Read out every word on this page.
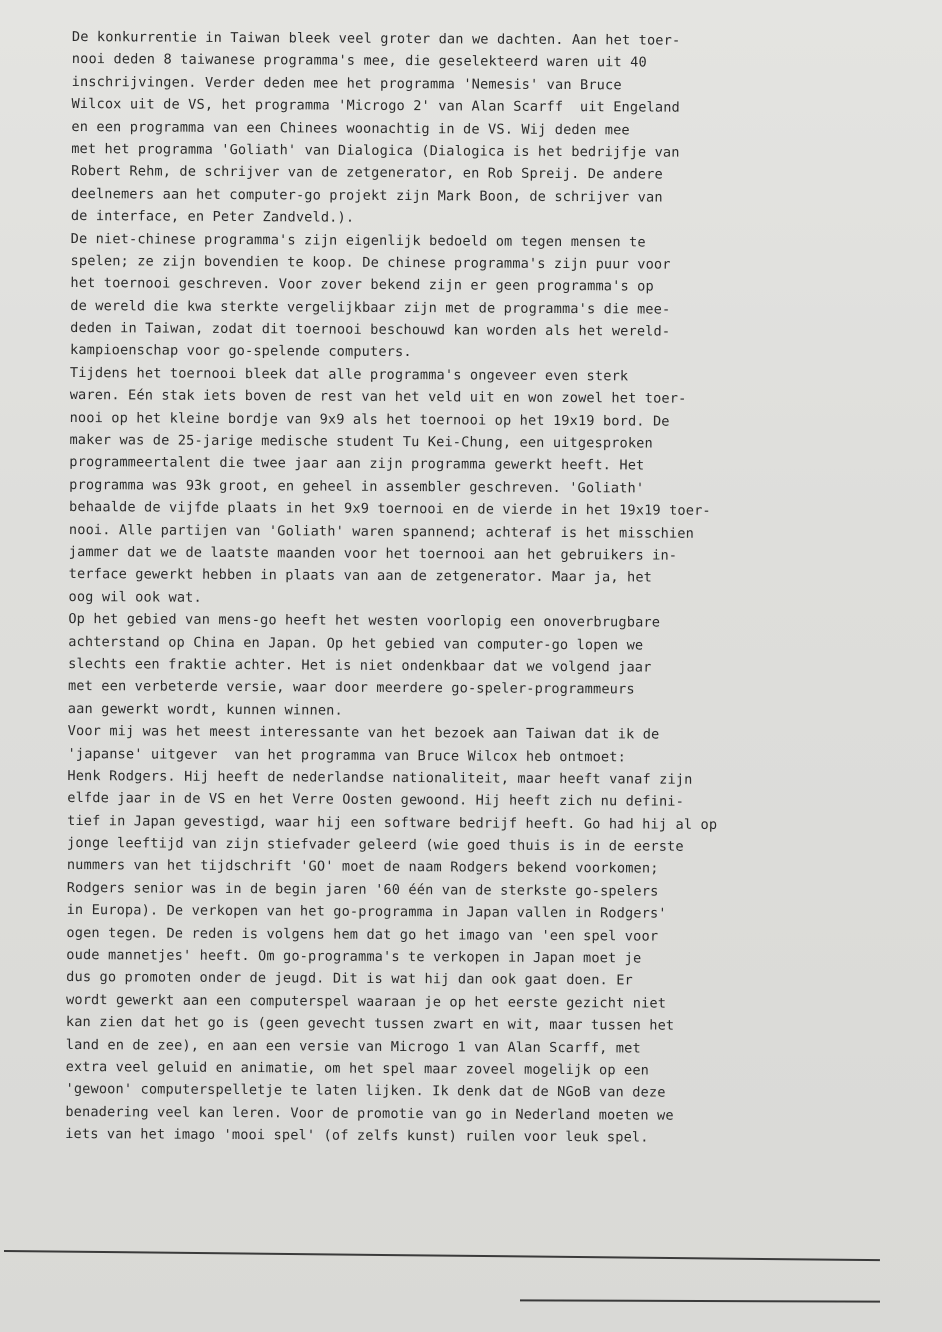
De konkurrentie in Taiwan bleek veel groter dan we dachten. Aan het toer-
nooi deden 8 taiwanese programma's mee, die geselekteerd waren uit 40
inschrijvingen. Verder deden mee het programma 'Nemesis' van Bruce
Wilcox uit de VS, het programma 'Microgo 2' van Alan Scarff  uit Engeland
en een programma van een Chinees woonachtig in de VS. Wij deden mee
met het programma 'Goliath' van Dialogica (Dialogica is het bedrijfje van
Robert Rehm, de schrijver van de zetgenerator, en Rob Spreij. De andere
deelnemers aan het computer-go projekt zijn Mark Boon, de schrijver van
de interface, en Peter Zandveld.).
De niet-chinese programma's zijn eigenlijk bedoeld om tegen mensen te
spelen; ze zijn bovendien te koop. De chinese programma's zijn puur voor
het toernooi geschreven. Voor zover bekend zijn er geen programma's op
de wereld die kwa sterkte vergelijkbaar zijn met de programma's die mee-
deden in Taiwan, zodat dit toernooi beschouwd kan worden als het wereld-
kampioenschap voor go-spelende computers.
Tijdens het toernooi bleek dat alle programma's ongeveer even sterk
waren. Eén stak iets boven de rest van het veld uit en won zowel het toer-
nooi op het kleine bordje van 9x9 als het toernooi op het 19x19 bord. De
maker was de 25-jarige medische student Tu Kei-Chung, een uitgesproken
programmeertalent die twee jaar aan zijn programma gewerkt heeft. Het
programma was 93k groot, en geheel in assembler geschreven. 'Goliath'
behaalde de vijfde plaats in het 9x9 toernooi en de vierde in het 19x19 toer-
nooi. Alle partijen van 'Goliath' waren spannend; achteraf is het misschien
jammer dat we de laatste maanden voor het toernooi aan het gebruikers in-
terface gewerkt hebben in plaats van aan de zetgenerator. Maar ja, het
oog wil ook wat.
Op het gebied van mens-go heeft het westen voorlopig een onoverbrugbare
achterstand op China en Japan. Op het gebied van computer-go lopen we
slechts een fraktie achter. Het is niet ondenkbaar dat we volgend jaar
met een verbeterde versie, waar door meerdere go-speler-programmeurs
aan gewerkt wordt, kunnen winnen.
Voor mij was het meest interessante van het bezoek aan Taiwan dat ik de
'japanse' uitgever  van het programma van Bruce Wilcox heb ontmoet:
Henk Rodgers. Hij heeft de nederlandse nationaliteit, maar heeft vanaf zijn
elfde jaar in de VS en het Verre Oosten gewoond. Hij heeft zich nu defini-
tief in Japan gevestigd, waar hij een software bedrijf heeft. Go had hij al op
jonge leeftijd van zijn stiefvader geleerd (wie goed thuis is in de eerste
nummers van het tijdschrift 'GO' moet de naam Rodgers bekend voorkomen;
Rodgers senior was in de begin jaren '60 één van de sterkste go-spelers
in Europa). De verkopen van het go-programma in Japan vallen in Rodgers'
ogen tegen. De reden is volgens hem dat go het imago van 'een spel voor
oude mannetjes' heeft. Om go-programma's te verkopen in Japan moet je
dus go promoten onder de jeugd. Dit is wat hij dan ook gaat doen. Er
wordt gewerkt aan een computerspel waaraan je op het eerste gezicht niet
kan zien dat het go is (geen gevecht tussen zwart en wit, maar tussen het
land en de zee), en aan een versie van Microgo 1 van Alan Scarff, met
extra veel geluid en animatie, om het spel maar zoveel mogelijk op een
'gewoon' computerspelletje te laten lijken. Ik denk dat de NGoB van deze
benadering veel kan leren. Voor de promotie van go in Nederland moeten we
iets van het imago 'mooi spel' (of zelfs kunst) ruilen voor leuk spel.
